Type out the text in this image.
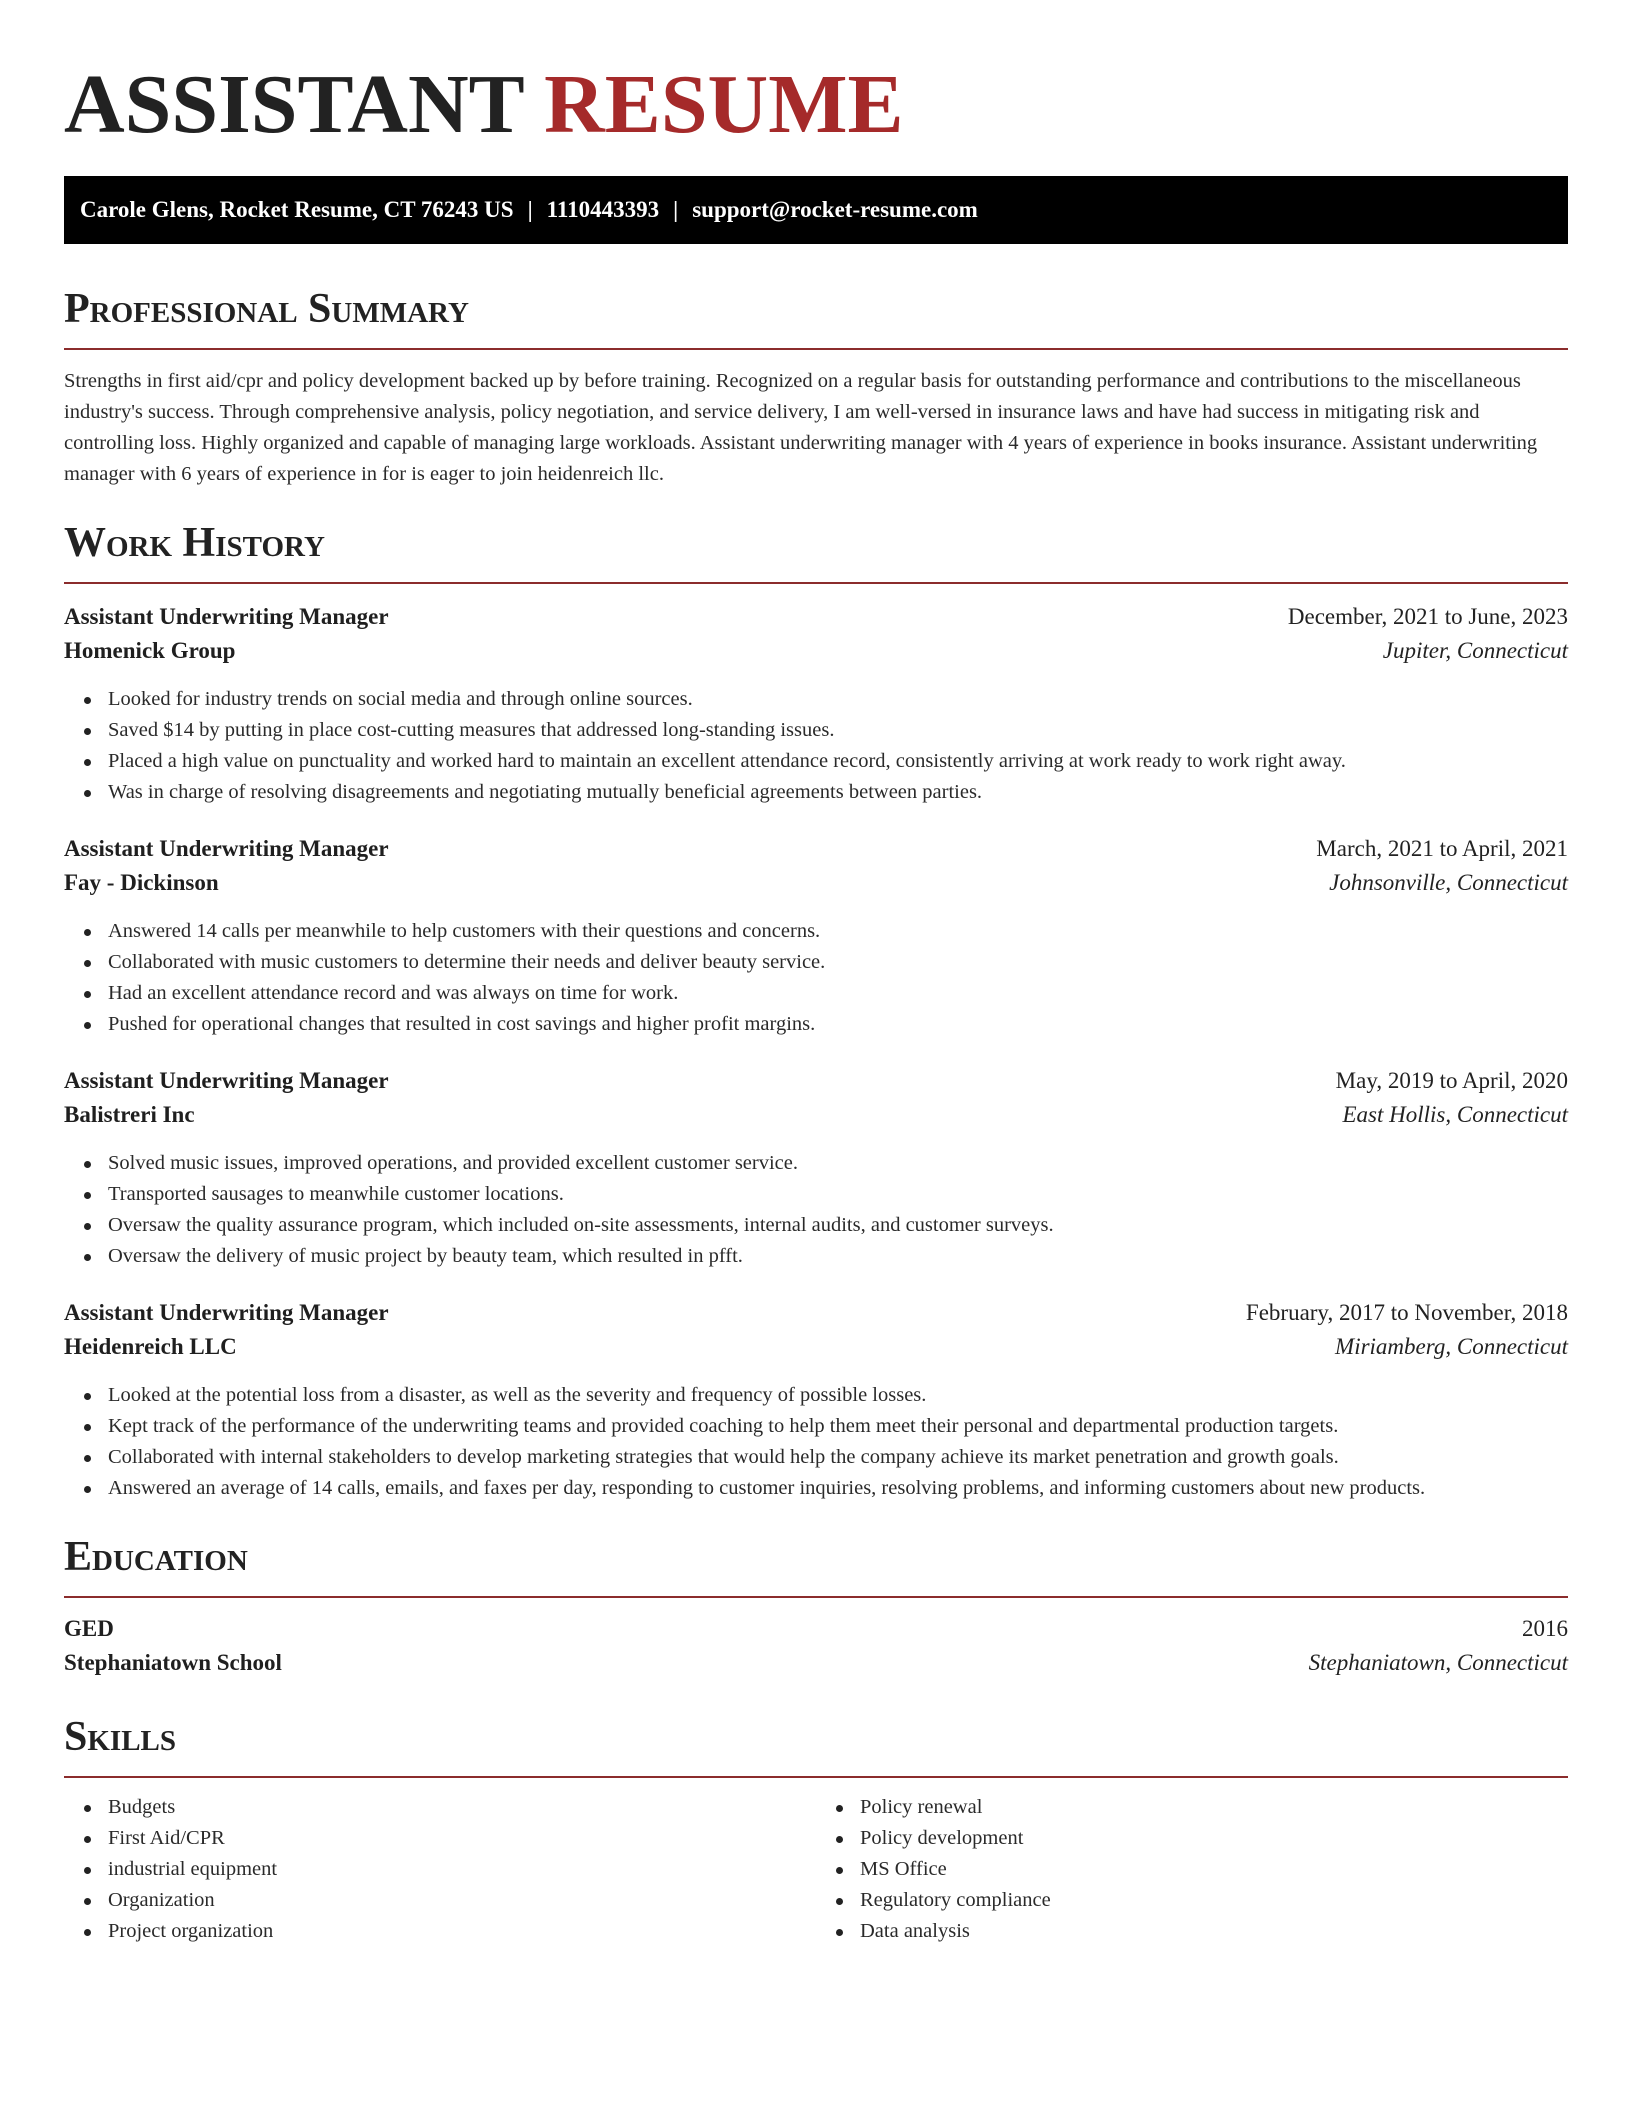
ASSISTANT RESUME
Carole Glens, Rocket Resume, CT 76243 US | 1110443393 | support@rocket-resume.com
Professional Summary

Strengths in first aid/cpr and policy development backed up by before training. Recognized on a regular basis for outstanding performance and contributions to the miscellaneous industry's success. Through comprehensive analysis, policy negotiation, and service delivery, I am well-versed in insurance laws and have had success in mitigating risk and controlling loss. Highly organized and capable of managing large workloads. Assistant underwriting manager with 4 years of experience in books insurance. Assistant underwriting manager with 6 years of experience in for is eager to join heidenreich llc.

Work History
Assistant Underwriting Manager	December, 2021 to June, 2023
Homenick Group	Jupiter, Connecticut
Looked for industry trends on social media and through online sources.
Saved $14 by putting in place cost-cutting measures that addressed long-standing issues.
Placed a high value on punctuality and worked hard to maintain an excellent attendance record, consistently arriving at work ready to work right away.
Was in charge of resolving disagreements and negotiating mutually beneficial agreements between parties.
Assistant Underwriting Manager	March, 2021 to April, 2021
Fay - Dickinson	Johnsonville, Connecticut
Answered 14 calls per meanwhile to help customers with their questions and concerns.
Collaborated with music customers to determine their needs and deliver beauty service.
Had an excellent attendance record and was always on time for work.
Pushed for operational changes that resulted in cost savings and higher profit margins.
Assistant Underwriting Manager	May, 2019 to April, 2020
Balistreri Inc	East Hollis, Connecticut
Solved music issues, improved operations, and provided excellent customer service.
Transported sausages to meanwhile customer locations.
Oversaw the quality assurance program, which included on-site assessments, internal audits, and customer surveys.
Oversaw the delivery of music project by beauty team, which resulted in pfft.
Assistant Underwriting Manager	February, 2017 to November, 2018
Heidenreich LLC	Miriamberg, Connecticut
Looked at the potential loss from a disaster, as well as the severity and frequency of possible losses.
Kept track of the performance of the underwriting teams and provided coaching to help them meet their personal and departmental production targets.
Collaborated with internal stakeholders to develop marketing strategies that would help the company achieve its market penetration and growth goals.
Answered an average of 14 calls, emails, and faxes per day, responding to customer inquiries, resolving problems, and informing customers about new products.
Education
GED	2016
Stephaniatown School	Stephaniatown, Connecticut
Skills
Budgets
First Aid/CPR
industrial equipment
Organization
Project organization
Policy renewal
Policy development
MS Office
Regulatory compliance
Data analysis
